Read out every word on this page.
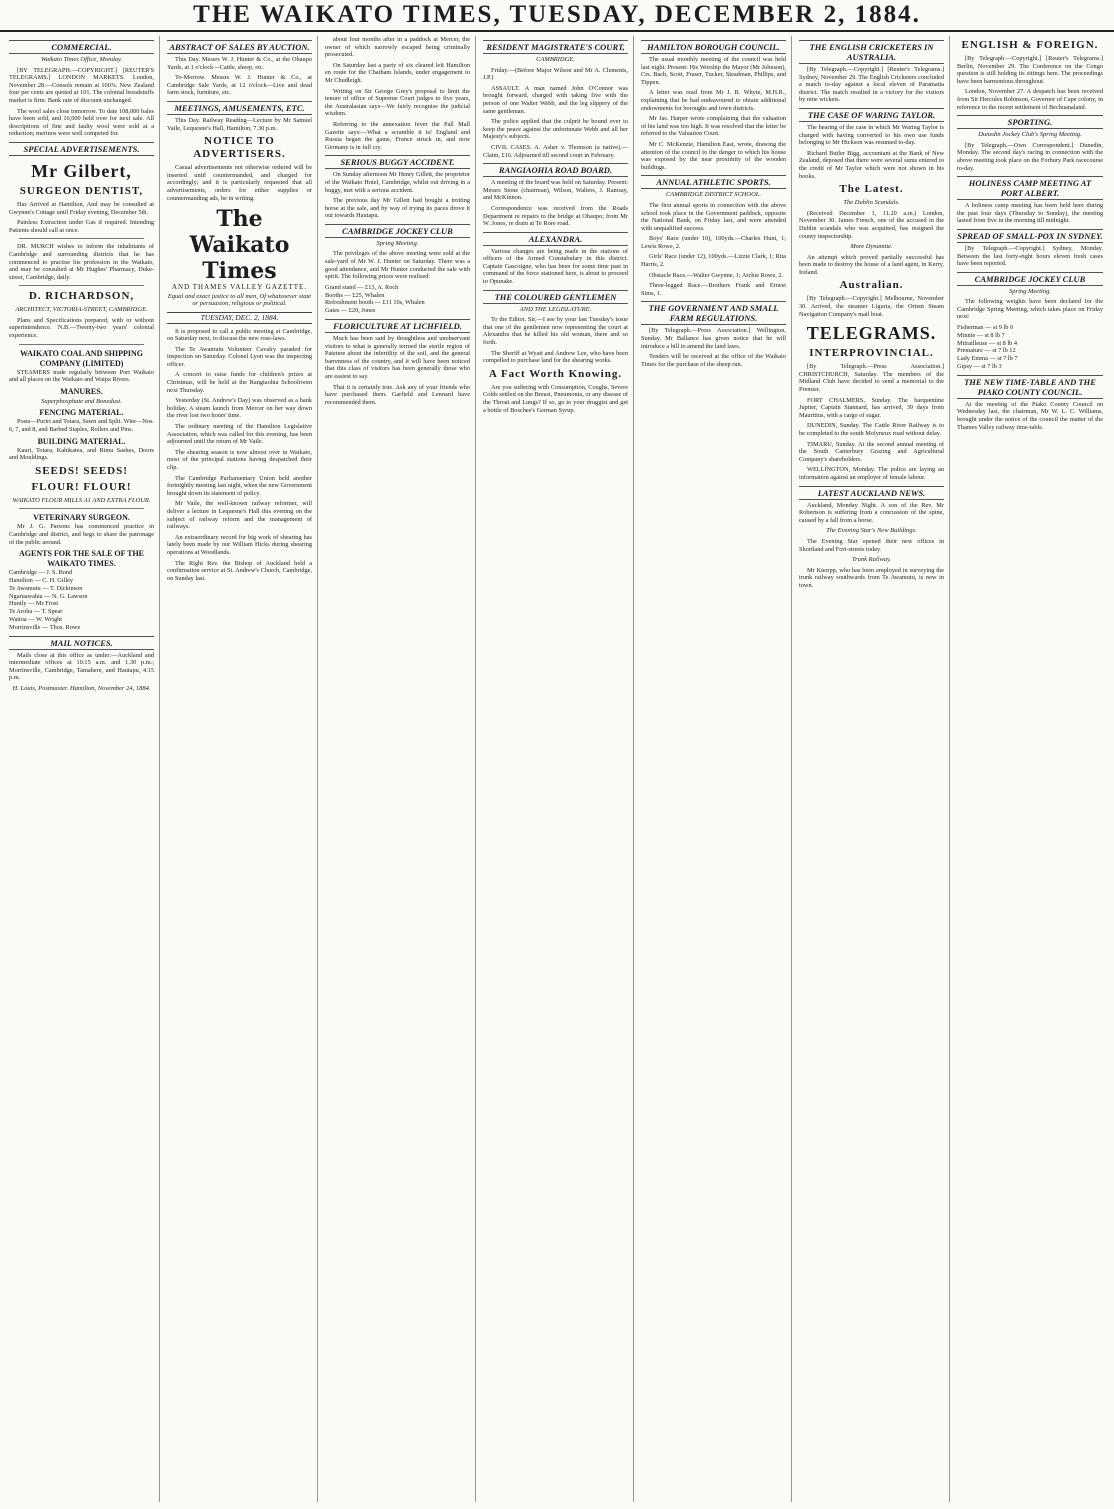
THE WAIKATO TIMES, TUESDAY, DECEMBER 2, 1884.
COMMERCIAL.
Waikato Times Office, Monday.
[BY TELEGRAPH.—COPYRIGHT.] [REUTER'S TELEGRAMS.] LONDON MARKETS. London, November 28.—Consols remain at 100⅞. New Zealand four per cents are quoted at 101. The colonial breadstuffs market is firm. Bank rate of discount unchanged.
The wool sales close tomorrow. To date 108,000 bales have been sold, and 10,000 held over for next sale. All descriptions of fine and faulty wool were sold at a reduction; merinos were well competed for.
SPECIAL ADVERTISEMENTS.
Mr Gilbert,
SURGEON DENTIST,
Has Arrived at Hamilton, And may be consulted at Gwynne's Cottage until Friday evening, December 5th.
Painless Extraction under Gas if required. Intending Patients should call at once.
DR. MURCH wishes to inform the inhabitants of Cambridge and surrounding districts that he has commenced to practise his profession in the Waikato, and may be consulted at Mr Hughes' Pharmacy, Duke-street, Cambridge, daily.
D. RICHARDSON,
ARCHITECT, VICTORIA-STREET, CAMBRIDGE.
Plans and Specifications prepared, with or without superintendence. N.B.—Twenty-two years' colonial experience.
WAIKATO COAL AND SHIPPING COMPANY (LIMITED)
STEAMERS trade regularly between Port Waikato and all places on the Waikato and Waipa Rivers.
MANURES.
Superphosphate and Bonedust.
FENCING MATERIAL.
Posts—Puriri and Totara, Sawn and Split. Wire—Nos. 6, 7, and 8, and Barbed Staples, Rollers and Pins.
BUILDING MATERIAL.
Kauri, Totara, Kahikatea, and Rimu Sashes, Doors and Mouldings.
SEEDS! SEEDS!
FLOUR! FLOUR!
WAIKATO FLOUR MILLS A1 AND EXTRA FLOUR.
VETERINARY SURGEON.
Mr J. G. Parsons has commenced practice in Cambridge and district, and begs to share the patronage of the public around.
AGENTS FOR THE SALE OF THE WAIKATO TIMES.
Cambridge — J. S. Bond
Hamilton — C. H. Gilley
Te Awamutu — T. Dickinson
Ngaruawahia — N. G. Lawson
Huntly — Mr Frost
Te Aroha — T. Spear
Waitoa — W. Wright
Morrinsville — Thos. Rowe
MAIL NOTICES.
Mails close at this office as under:—Auckland and intermediate offices at 10.15 a.m. and 1.30 p.m.; Morrinsville, Cambridge, Tamahere, and Hautapu, 4.15 p.m.
H. Louis, Postmaster. Hamilton, November 24, 1884.
ABSTRACT OF SALES BY AUCTION.
This Day. Messrs W. J. Hunter & Co., at the Ohaupo Yards, at 1 o'clock—Cattle, sheep, etc.
To-Morrow. Messrs W. J. Hunter & Co., at Cambridge Sale Yards, at 12 o'clock—Live and dead farm stock, furniture, etc.
MEETINGS, AMUSEMENTS, ETC.
This Day. Railway Reading—Lecture by Mr Samuel Vaile, Lequesne's Hall, Hamilton, 7.30 p.m.
NOTICE TO ADVERTISERS.
Casual advertisements not otherwise ordered will be inserted until countermanded, and charged for accordingly; and it is particularly requested that all advertisements, orders for either supplies or countermanding ads, be in writing.
The Waikato Times
AND THAMES VALLEY GAZETTE.
Equal and exact justice to all men, Of whatsoever state or persuasion, religious or political.
TUESDAY, DEC. 2, 1884.
It is proposed to call a public meeting at Cambridge, on Saturday next, to discuss the new rose-laws.
The Te Awamutu Volunteer Cavalry paraded for inspection on Saturday. Colonel Lyon was the inspecting officer.
A concert to raise funds for children's prizes at Christmas, will be held at the Rangiaohia Schoolroom next Thursday.
Yesterday (St. Andrew's Day) was observed as a bank holiday. A steam launch from Mercer on her way down the river lost two hours' time.
The ordinary meeting of the Hamilton Legislative Association, which was called for this evening, has been adjourned until the return of Mr Vaile.
The shearing season is now almost over in Waikato, most of the principal stations having despatched their clip.
The Cambridge Parliamentary Union held another fortnightly meeting last night, when the new Government brought down its statement of policy.
Mr Vaile, the well-known railway reformer, will deliver a lecture in Lequesne's Hall this evening on the subject of railway reform and the management of railways.
An extraordinary record for big work of shearing has lately been made by our William Hicks during shearing operations at Woodlands.
The Right Rev. the Bishop of Auckland held a confirmation service at St. Andrew's Church, Cambridge, on Sunday last.
about four months after in a paddock at Mercer, the owner of which narrowly escaped being criminally prosecuted.
On Saturday last a party of six cleared left Hamilton en route for the Chatham Islands, under engagement to Mr Chudleigh.
Writing on Sir George Grey's proposal to limit the tenure of office of Supreme Court judges to five years, the Australasian says—We fairly recognise the judicial wisdom.
Referring to the annexation fever the Pall Mall Gazette says:—What a scramble it is! England and Russia began the game, France struck in, and now Germany is in full cry.
SERIOUS BUGGY ACCIDENT.
On Sunday afternoon Mr Henry Gillett, the proprietor of the Waikato Hotel, Cambridge, whilst out driving in a buggy, met with a serious accident.
The previous day Mr Gillett had bought a trotting horse at the sale, and by way of trying its paces drove it out towards Hautapu.
CAMBRIDGE JOCKEY CLUB
Spring Meeting.
The privileges of the above meeting were sold at the sale-yard of Mr W. J. Hunter on Saturday. There was a good attendance, and Mr Hunter conducted the sale with spirit. The following prices were realised:
Grand stand — £13, A. Roch
Booths — £25, Whalen
Refreshment booth — £11 10s, Whalen
Gates — £20, Jones
FLORICULTURE AT LICHFIELD.
Much has been said by thoughtless and unobservant visitors to what is generally termed the sterile region of Patetere about the infertility of the soil, and the general barrenness of the country, and it will have been noticed that this class of visitors has been generally those who are easiest to say.
That it is certainly true. Ask any of your friends who have purchased them. Garfield and Lennard have recommended them.
RESIDENT MAGISTRATE'S COURT,
CAMBRIDGE.
Friday.—(Before Major Wilson and Mr A. Clements, J.P.)
ASSAULT. A man named John O'Connor was brought forward, charged with taking five with the person of one Walter Webb, and the leg slippery of the same gentleman.
The police applied that the culprit be bound over to keep the peace against the unfortunate Webb and all her Majesty's subjects.
CIVIL CASES. A. Asher v. Thomson (a native).—Claim, £16. Adjourned till second court in February.
RANGIAOHIA ROAD BOARD.
A meeting of the board was held on Saturday. Present: Messrs Stone (chairman), Wilson, Walters, J. Ramsay, and McKinnon.
Correspondence was received from the Roads Department re repairs to the bridge at Ohaupo; from Mr W. Jones, re drain at Te Rore road.
ALEXANDRA.
Various changes are being made in the stations of officers of the Armed Constabulary in this district. Captain Gascoigne, who has been for some time past in command of the force stationed here, is about to proceed to Opunake.
THE COLOURED GENTLEMEN
AND THE LEGISLATURE.
To the Editor. Sir,—I see by your last Tuesday's issue that one of the gentlemen now representing the court at Alexandra that he killed his old woman, there and so forth.
The Sheriff at Wyatt and Andrew Lee, who have been compelled to purchase land for the shearing works.
A Fact Worth Knowing.
Are you suffering with Consumption, Coughs, Severe Colds settled on the Breast, Pneumonia, or any disease of the Throat and Lungs? If so, go to your druggist and get a bottle of Boschee's German Syrup.
HAMILTON BOROUGH COUNCIL.
The usual monthly meeting of the council was held last night. Present: His Worship the Mayor (Mr Johnson), Crs. Bach, Scott, Fraser, Tucker, Steadman, Phillips, and Tippen.
A letter was read from Mr J. B. Whyte, M.H.R., explaining that he had endeavoured to obtain additional endowments for boroughs and town districts.
Mr Jas. Harper wrote complaining that the valuation of his land was too high. It was resolved that the letter be referred to the Valuation Court.
Mr C. McKenzie, Hamilton East, wrote, drawing the attention of the council to the danger to which his house was exposed by the near proximity of the wooden buildings.
ANNUAL ATHLETIC SPORTS.
CAMBRIDGE DISTRICT SCHOOL.
The first annual sports in connection with the above school took place in the Government paddock, opposite the National Bank, on Friday last, and were attended with unqualified success.
Boys' Race (under 10), 100yds.—Charles Hunt, 1; Lewis Rowe, 2.
Girls' Race (under 12), 100yds.—Lizzie Clark, 1; Rita Harris, 2.
Obstacle Race.—Walter Gwynne, 1; Archie Rowe, 2.
Three-legged Race.—Brothers Frank and Ernest Sims, 1.
THE GOVERNMENT AND SMALL FARM REGULATIONS.
[By Telegraph.—Press Association.] Wellington, Sunday. Mr Ballance has given notice that he will introduce a bill to amend the land laws.
Tenders will be received at the office of the Waikato Times for the purchase of the sheep run.
THE ENGLISH CRICKETERS IN AUSTRALIA.
[By Telegraph.—Copyright.] [Reuter's Telegrams.] Sydney, November 29. The English Cricketers concluded a match to-day against a local eleven of Paramatta district. The match resulted in a victory for the visitors by nine wickets.
THE CASE OF WARING TAYLOR.
The hearing of the case in which Mr Waring Taylor is charged with having converted to his own use funds belonging to Mr Hickson was resumed to-day.
Richard Butler Bigg, accountant at the Bank of New Zealand, deposed that there were several sums entered to the credit of Mr Taylor which were not shown in his books.
The Latest.
The Dublin Scandals.
(Received December 1, 11.20 a.m.) London, November 30. James French, one of the accused in the Dublin scandals who was acquitted, has resigned the county inspectorship.
More Dynamite.
An attempt which proved partially successful has been made to destroy the house of a land agent, in Kerry, Ireland.
Australian.
[By Telegraph.—Copyright.] Melbourne, November 30. Arrived, the steamer Liguria, the Orient Steam Navigation Company's mail boat.
TELEGRAMS.
INTERPROVINCIAL.
[By Telegraph.—Press Association.] CHRISTCHURCH, Saturday. The members of the Midland Club have decided to send a memorial to the Premier.
FORT CHALMERS, Sunday. The barquentine Jupiter, Captain Stannard, has arrived, 39 days from Mauritius, with a cargo of sugar.
DUNEDIN, Sunday. The Cattle River Railway is to be completed to the south Molyneux road without delay.
TIMARU, Sunday. At the second annual meeting of the South Canterbury Grazing and Agricultural Company's shareholders.
WELLINGTON, Monday. The police are laying an information against an employer of female labour.
LATEST AUCKLAND NEWS.
Auckland, Monday Night. A son of the Rev. Mr Robertson is suffering from a concussion of the spine, caused by a fall from a horse.
The Evening Star's New Buildings.
The Evening Star opened their new offices in Shortland and Fort-streets today.
Trunk Railway.
Mr Knorpp, who has been employed in surveying the trunk railway southwards from Te Awamutu, is now in town.
ENGLISH & FOREIGN.
[By Telegraph.—Copyright.] [Reuter's Telegrams.] Berlin, November 29. The Conference on the Congo question is still holding its sittings here. The proceedings have been harmonious throughout.
London, November 27. A despatch has been received from Sir Hercules Robinson, Governor of Cape colony, in reference to the recent settlement of Bechuanaland.
SPORTING.
Dunedin Jockey Club's Spring Meeting.
[By Telegraph.—Own Correspondent.] Dunedin, Monday. The second day's racing in connection with the above meeting took place on the Forbury Park racecourse to-day.
HOLINESS CAMP MEETING AT PORT ALBERT.
A holiness camp meeting has been held here during the past four days (Thursday to Sunday), the meeting lasted from five in the morning till midnight.
SPREAD OF SMALL-POX IN SYDNEY.
[By Telegraph.—Copyright.] Sydney, Monday. Between the last forty-eight hours eleven fresh cases have been reported.
CAMBRIDGE JOCKEY CLUB
Spring Meeting.
The following weights have been declared for the Cambridge Spring Meeting, which takes place on Friday next:
Fisherman — st 9 lb 0
Minnie — st 8 lb 7
Mitrailleuse — st 8 lb 4
Premature — st 7 lb 12
Lady Emma — st 7 lb 7
Gipsy — st 7 lb 3
THE NEW TIME-TABLE AND THE PIAKO COUNTY COUNCIL.
At the meeting of the Piako County Council on Wednesday last, the chairman, Mr W. L. C. Williams, brought under the notice of the council the matter of the Thames Valley railway time-table.
